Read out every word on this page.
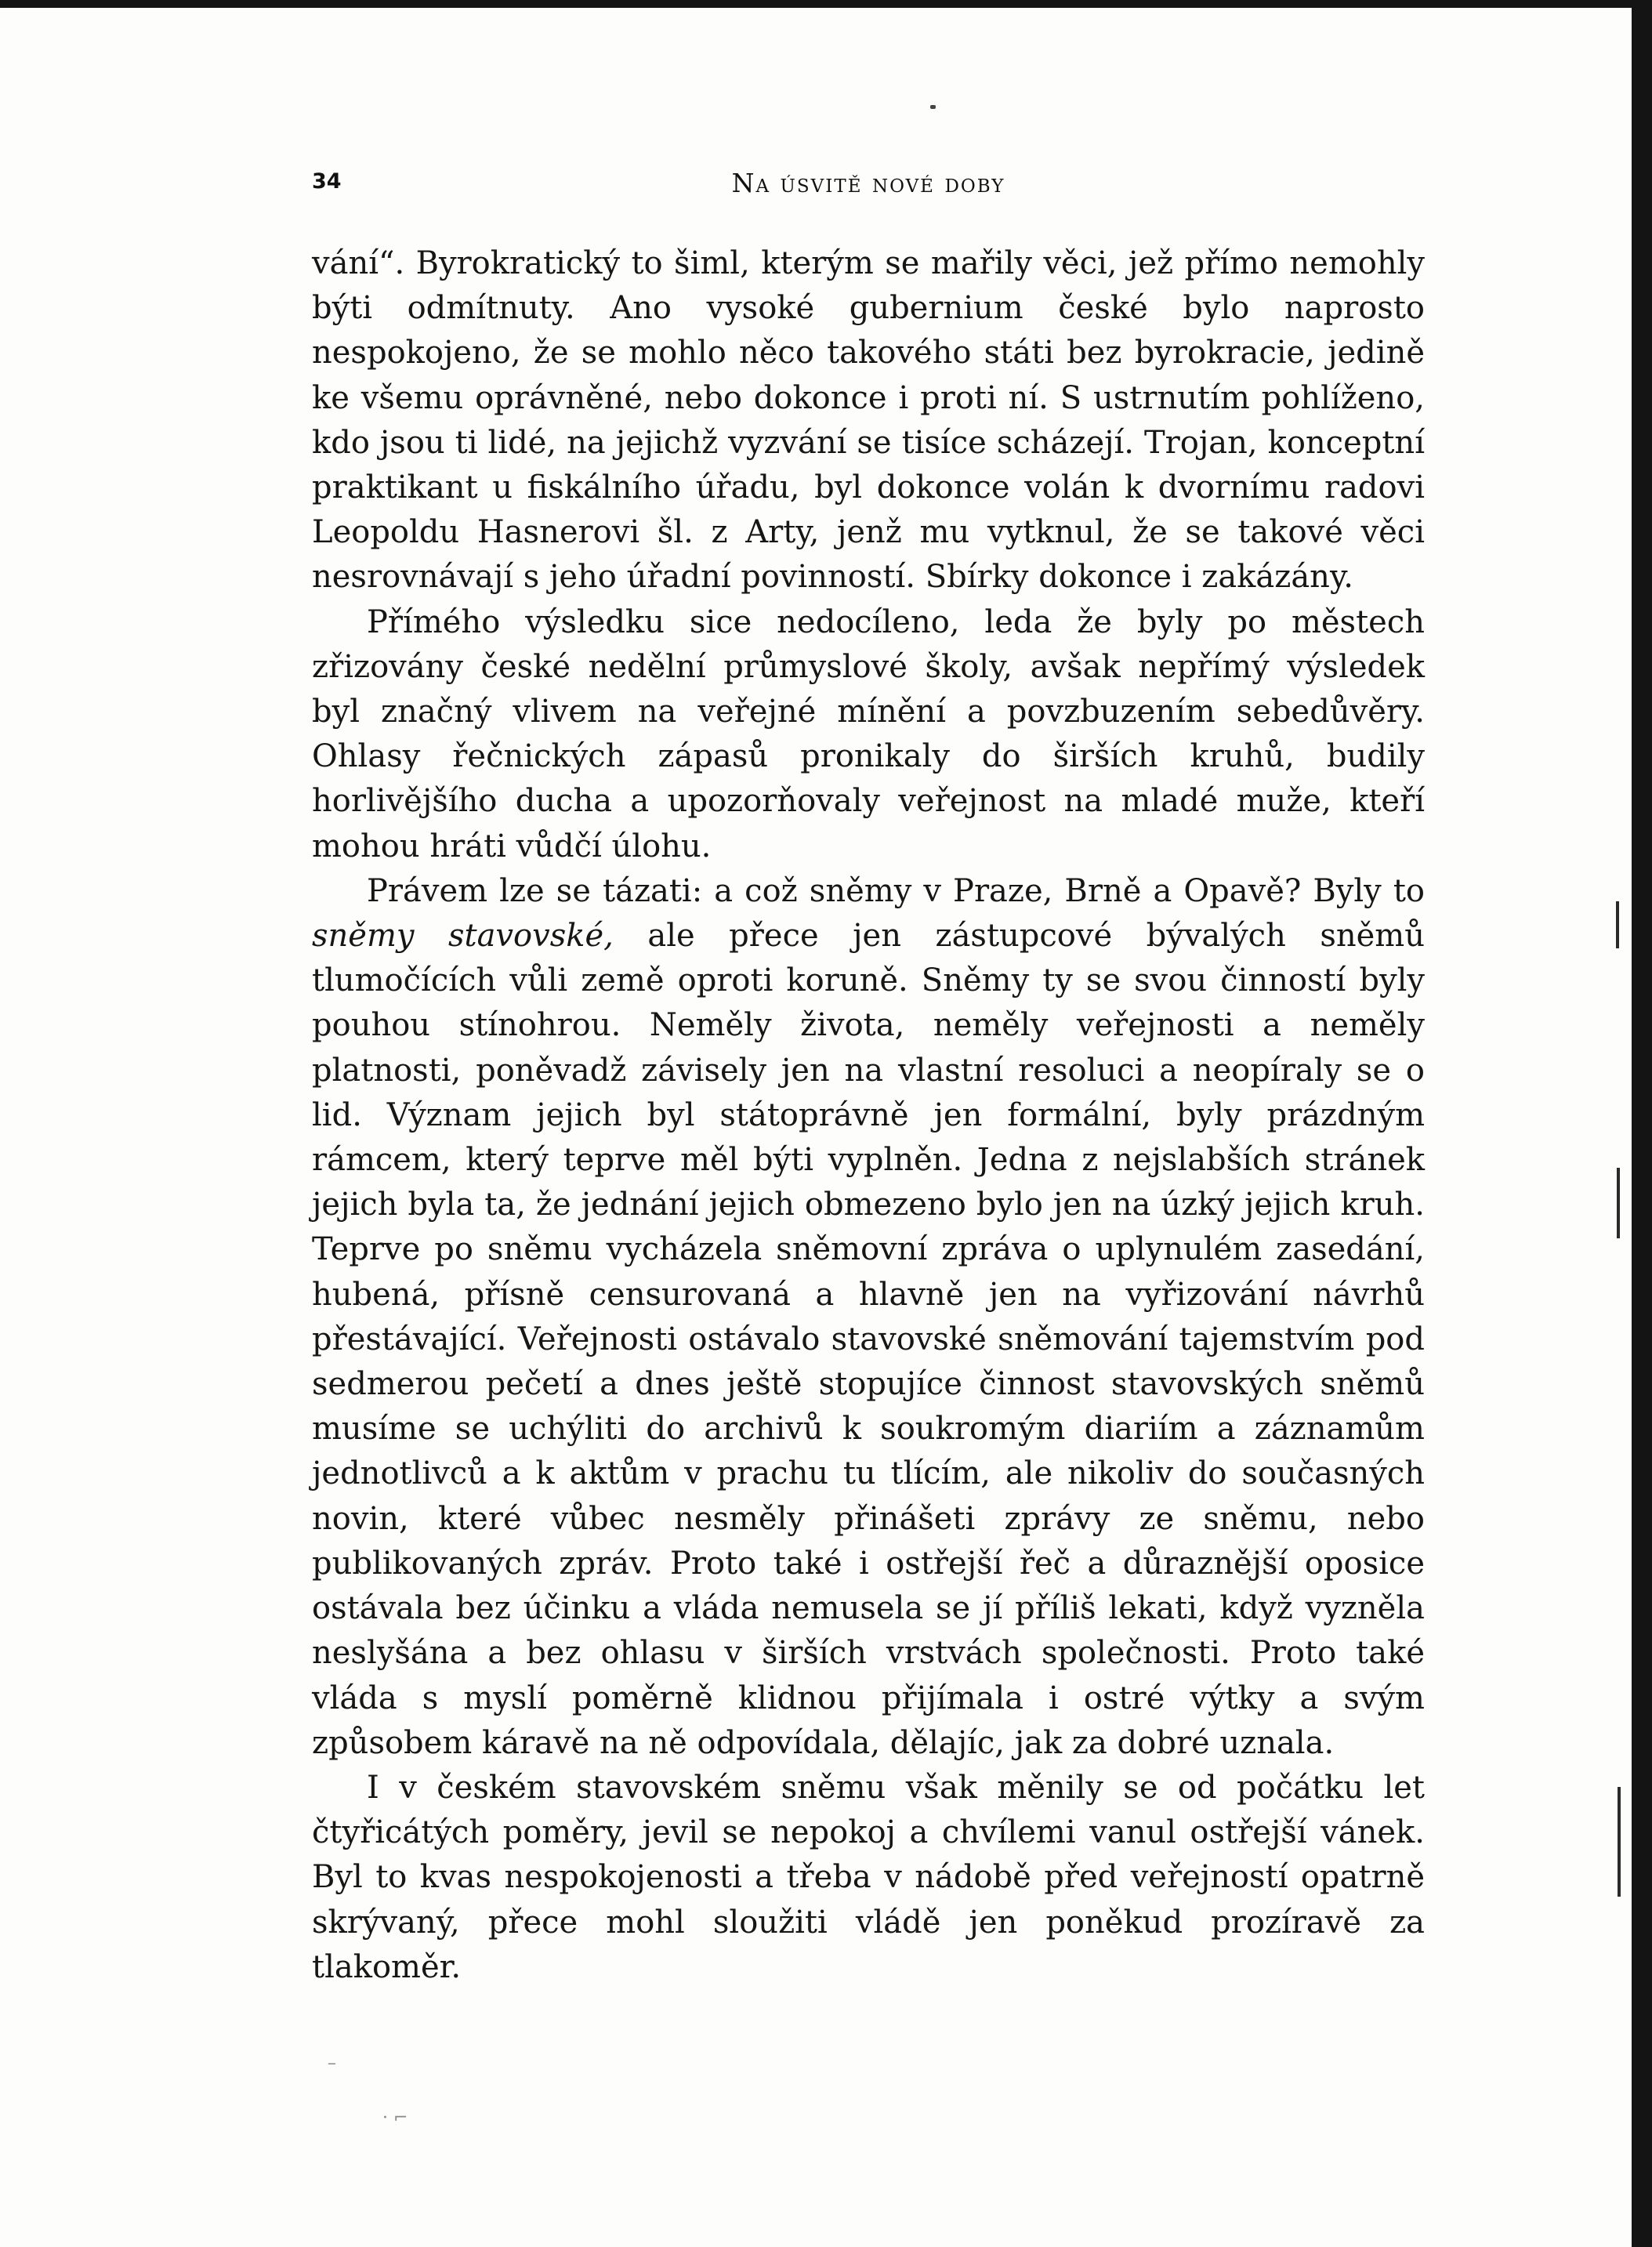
34	Na úsvitě nové doby

vání“. Byrokratický to šiml, kterým se mařily věci, jež přímo nemohly býti odmítnuty. Ano vysoké gubernium české bylo naprosto nespokojeno, že se mohlo něco takového státi bez byrokracie, jedině ke všemu oprávněné, nebo dokonce i proti ní. S ustrnutím pohlíženo, kdo jsou ti lidé, na jejichž vyzvání se tisíce scházejí. Trojan, konceptní praktikant u fiskálního úřadu, byl dokonce volán k dvornímu radovi Leopoldu Hasnerovi šl. z Arty, jenž mu vytknul, že se takové věci nesrovnávají s jeho úřadní povinností. Sbírky dokonce i zakázány.

Přímého výsledku sice nedocíleno, leda že byly po městech zřizovány české nedělní průmyslové školy, avšak nepřímý výsledek byl značný vlivem na veřejné mínění a povzbuzením sebedůvěry. Ohlasy řečnických zápasů pronikaly do širších kruhů, budily horlivějšího ducha a upozorňovaly veřejnost na mladé muže, kteří mohou hráti vůdčí úlohu.

Právem lze se tázati: a což sněmy v Praze, Brně a Opavě? Byly to sněmy stavovské, ale přece jen zástupcové bývalých sněmů tlumočících vůli země oproti koruně. Sněmy ty se svou činností byly pouhou stínohrou. Neměly života, neměly veřejnosti a neměly platnosti, poněvadž závisely jen na vlastní resoluci a neopíraly se o lid. Význam jejich byl státoprávně jen formální, byly prázdným rámcem, který teprve měl býti vyplněn. Jedna z nejslabších stránek jejich byla ta, že jednání jejich obmezeno bylo jen na úzký jejich kruh. Teprve po sněmu vycházela sněmovní zpráva o uplynulém zasedání, hubená, přísně censurovaná a hlavně jen na vyřizování návrhů přestávající. Veřejnosti ostávalo stavovské sněmování tajemstvím pod sedmerou pečetí a dnes ještě stopujíce činnost stavovských sněmů musíme se uchýliti do archivů k soukromým diariím a záznamům jednotlivců a k aktům v prachu tu tlícím, ale nikoliv do současných novin, které vůbec nesměly přinášeti zprávy ze sněmu, nebo publikovaných zpráv. Proto také i ostřejší řeč a důraznější oposice ostávala bez účinku a vláda nemusela se jí příliš lekati, když vyzněla neslyšána a bez ohlasu v širších vrstvách společnosti. Proto také vláda s myslí poměrně klidnou přijímala i ostré výtky a svým způsobem káravě na ně odpovídala, dělajíc, jak za dobré uznala.

I v českém stavovském sněmu však měnily se od počátku let čtyřicátých poměry, jevil se nepokoj a chvílemi vanul ostřejší vánek. Byl to kvas nespokojenosti a třeba v nádobě před veřejností opatrně skrývaný, přece mohl sloužiti vládě jen poněkud prozíravě za tlakoměr.

–
· ⌐
